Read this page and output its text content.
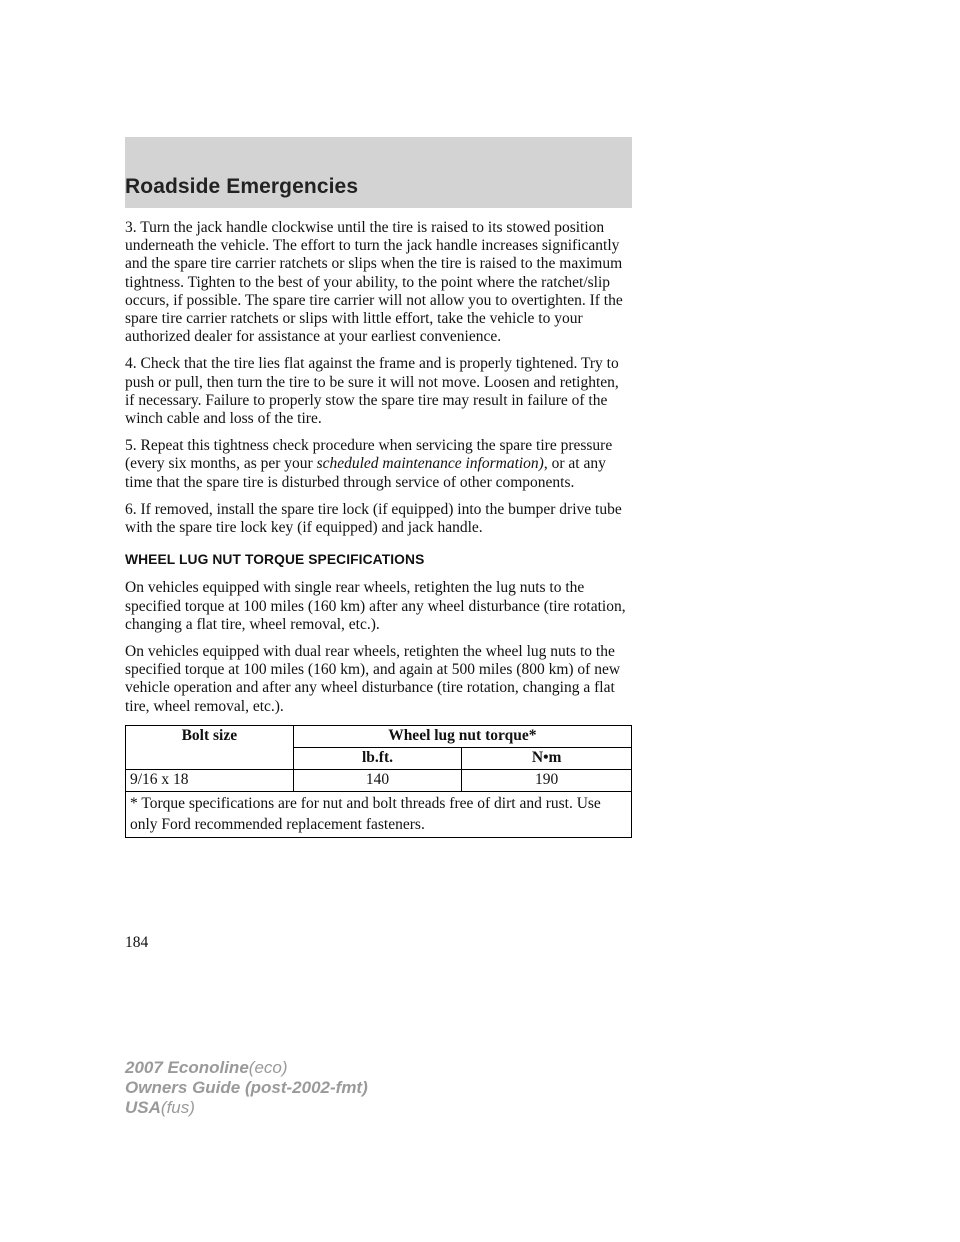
Roadside Emergencies

3. Turn the jack handle clockwise until the tire is raised to its stowed position underneath the vehicle. The effort to turn the jack handle increases significantly and the spare tire carrier ratchets or slips when the tire is raised to the maximum tightness. Tighten to the best of your ability, to the point where the ratchet/slip occurs, if possible. The spare tire carrier will not allow you to overtighten. If the spare tire carrier ratchets or slips with little effort, take the vehicle to your authorized dealer for assistance at your earliest convenience.

4. Check that the tire lies flat against the frame and is properly tightened. Try to push or pull, then turn the tire to be sure it will not move. Loosen and retighten, if necessary. Failure to properly stow the spare tire may result in failure of the winch cable and loss of the tire.

5. Repeat this tightness check procedure when servicing the spare tire pressure (every six months, as per your scheduled maintenance information), or at any time that the spare tire is disturbed through service of other components.

6. If removed, install the spare tire lock (if equipped) into the bumper drive tube with the spare tire lock key (if equipped) and jack handle.

WHEEL LUG NUT TORQUE SPECIFICATIONS

On vehicles equipped with single rear wheels, retighten the lug nuts to the specified torque at 100 miles (160 km) after any wheel disturbance (tire rotation, changing a flat tire, wheel removal, etc.).

On vehicles equipped with dual rear wheels, retighten the wheel lug nuts to the specified torque at 100 miles (160 km), and again at 500 miles (800 km) of new vehicle operation and after any wheel disturbance (tire rotation, changing a flat tire, wheel removal, etc.).

Bolt size	Wheel lug nut torque*	
	lb.ft.	N•m
9/16 x 18	140	190
* Torque specifications are for nut and bolt threads free of dirt and rust. Use only Ford recommended replacement fasteners.		
184
2007 Econoline(eco)
Owners Guide (post-2002-fmt)
USA(fus)
